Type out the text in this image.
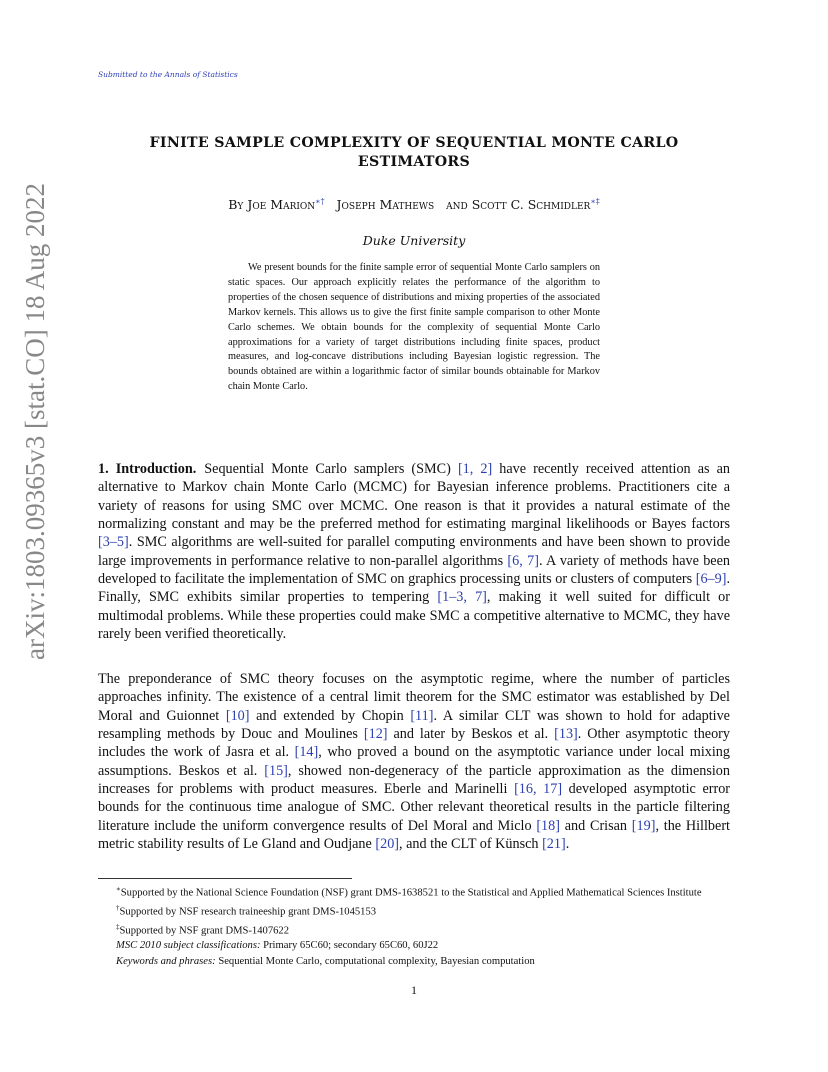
Submitted to the Annals of Statistics
arXiv:1803.09365v3 [stat.CO] 18 Aug 2022
FINITE SAMPLE COMPLEXITY OF SEQUENTIAL MONTE CARLO ESTIMATORS
By Joe Marion∗† Joseph Mathews and Scott C. Schmidler∗‡
Duke University

We present bounds for the finite sample error of sequential Monte Carlo samplers on static spaces. Our approach explicitly relates the performance of the algorithm to properties of the chosen sequence of distributions and mixing properties of the associated Markov kernels. This allows us to give the first finite sample comparison to other Monte Carlo schemes. We obtain bounds for the complexity of sequential Monte Carlo approximations for a variety of target distributions including finite spaces, product measures, and log-concave distributions including Bayesian logistic regression. The bounds obtained are within a logarithmic factor of similar bounds obtainable for Markov chain Monte Carlo.

1. Introduction. Sequential Monte Carlo samplers (SMC) [1, 2] have recently received attention as an alternative to Markov chain Monte Carlo (MCMC) for Bayesian inference problems. Practitioners cite a variety of reasons for using SMC over MCMC. One reason is that it provides a natural estimate of the normalizing constant and may be the preferred method for estimating marginal likelihoods or Bayes factors [3–5]. SMC algorithms are well-suited for parallel computing environments and have been shown to provide large improvements in performance relative to non-parallel algorithms [6, 7]. A variety of methods have been developed to facilitate the implementation of SMC on graphics processing units or clusters of computers [6–9]. Finally, SMC exhibits similar properties to tempering [1–3, 7], making it well suited for difficult or multimodal problems. While these properties could make SMC a competitive alternative to MCMC, they have rarely been verified theoretically.

The preponderance of SMC theory focuses on the asymptotic regime, where the number of particles approaches infinity. The existence of a central limit theorem for the SMC estimator was established by Del Moral and Guionnet [10] and extended by Chopin [11]. A similar CLT was shown to hold for adaptive resampling methods by Douc and Moulines [12] and later by Beskos et al. [13]. Other asymptotic theory includes the work of Jasra et al. [14], who proved a bound on the asymptotic variance under local mixing assumptions. Beskos et al. [15], showed non-degeneracy of the particle approximation as the dimension increases for problems with product measures. Eberle and Marinelli [16, 17] developed asymptotic error bounds for the continuous time analogue of SMC. Other relevant theoretical results in the particle filtering literature include the uniform convergence results of Del Moral and Miclo [18] and Crisan [19], the Hillbert metric stability results of Le Gland and Oudjane [20], and the CLT of Künsch [21].

∗Supported by the National Science Foundation (NSF) grant DMS-1638521 to the Statistical and Applied Mathematical Sciences Institute

†Supported by NSF research traineeship grant DMS-1045153

‡Supported by NSF grant DMS-1407622

MSC 2010 subject classifications: Primary 65C60; secondary 65C60, 60J22

Keywords and phrases: Sequential Monte Carlo, computational complexity, Bayesian computation

1
